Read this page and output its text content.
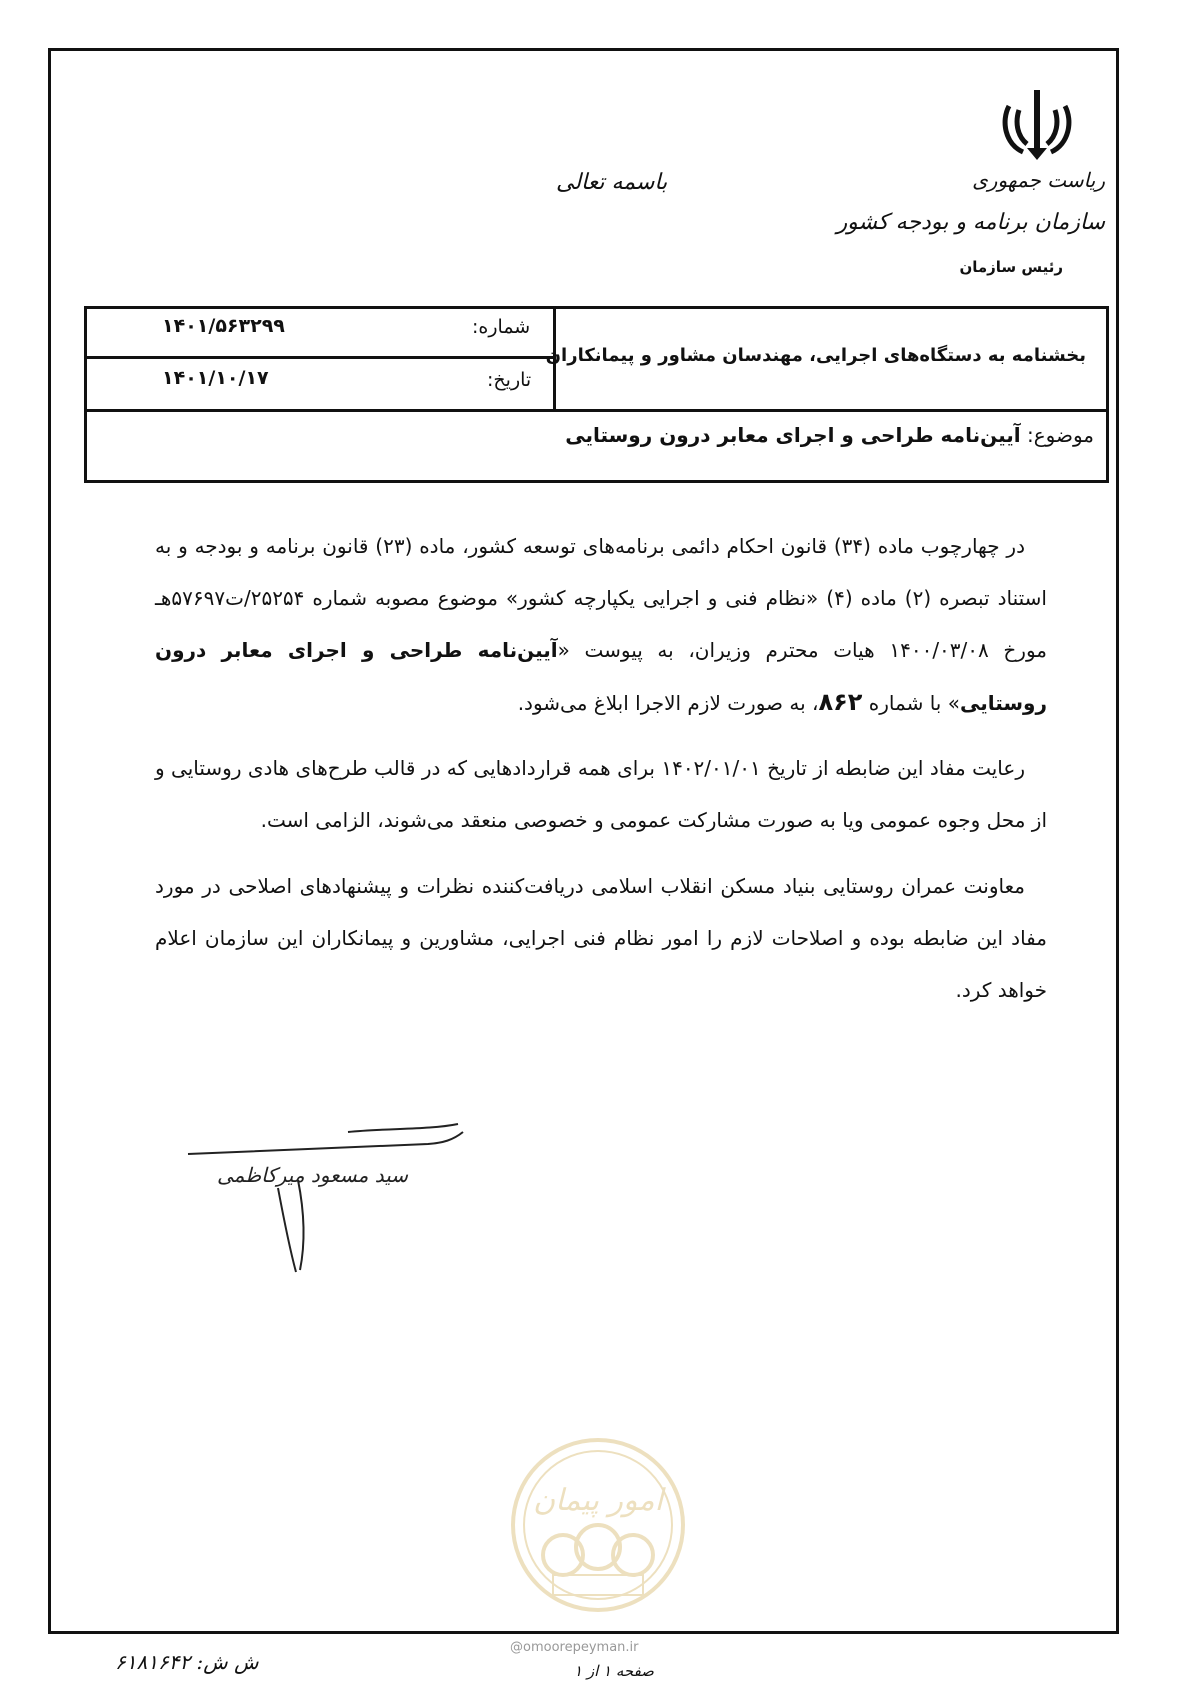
ریاست جمهوری
سازمان برنامه و بودجه کشور
رئیس سازمان
باسمه تعالی
بخشنامه به دستگاه‌های اجرایی، مهندسان مشاور و پیمانکاران
شماره:
۱۴۰۱/۵۶۳۲۹۹
تاریخ:
۱۴۰۱/۱۰/۱۷
موضوع: آیین‌نامه طراحی و اجرای معابر درون روستایی

در چهارچوب ماده (۳۴) قانون احکام دائمی برنامه‌های توسعه کشور، ماده (۲۳) قانون برنامه و بودجه و به استناد تبصره (۲) ماده (۴) «نظام فنی و اجرایی یکپارچه کشور» موضوع مصوبه شماره ۲۵۲۵۴/ت۵۷۶۹۷هـ مورخ ۱۴۰۰/۰۳/۰۸ هیات محترم وزیران، به پیوست «آیین‌نامه طراحی و اجرای معابر درون روستایی» با شماره ۸۶۲، به صورت لازم الاجرا ابلاغ می‌شود.

رعایت مفاد این ضابطه از تاریخ ۱۴۰۲/۰۱/۰۱ برای همه قراردادهایی که در قالب طرح‌های هادی روستایی و از محل وجوه عمومی ویا به صورت مشارکت عمومی و خصوصی منعقد می‌شوند، الزامی است.

معاونت عمران روستایی بنیاد مسکن انقلاب اسلامی دریافت‌کننده نظرات و پیشنهادهای اصلاحی در مورد مفاد این ضابطه بوده و اصلاحات لازم را امور نظام فنی اجرایی، مشاورین و پیمانکاران این سازمان اعلام خواهد کرد.

سید مسعود میرکاظمی
امور پیمان
@omoorepeyman.ir
ش ش: ۶۱۸۱۶۴۲	صفحه ۱ از ۱
